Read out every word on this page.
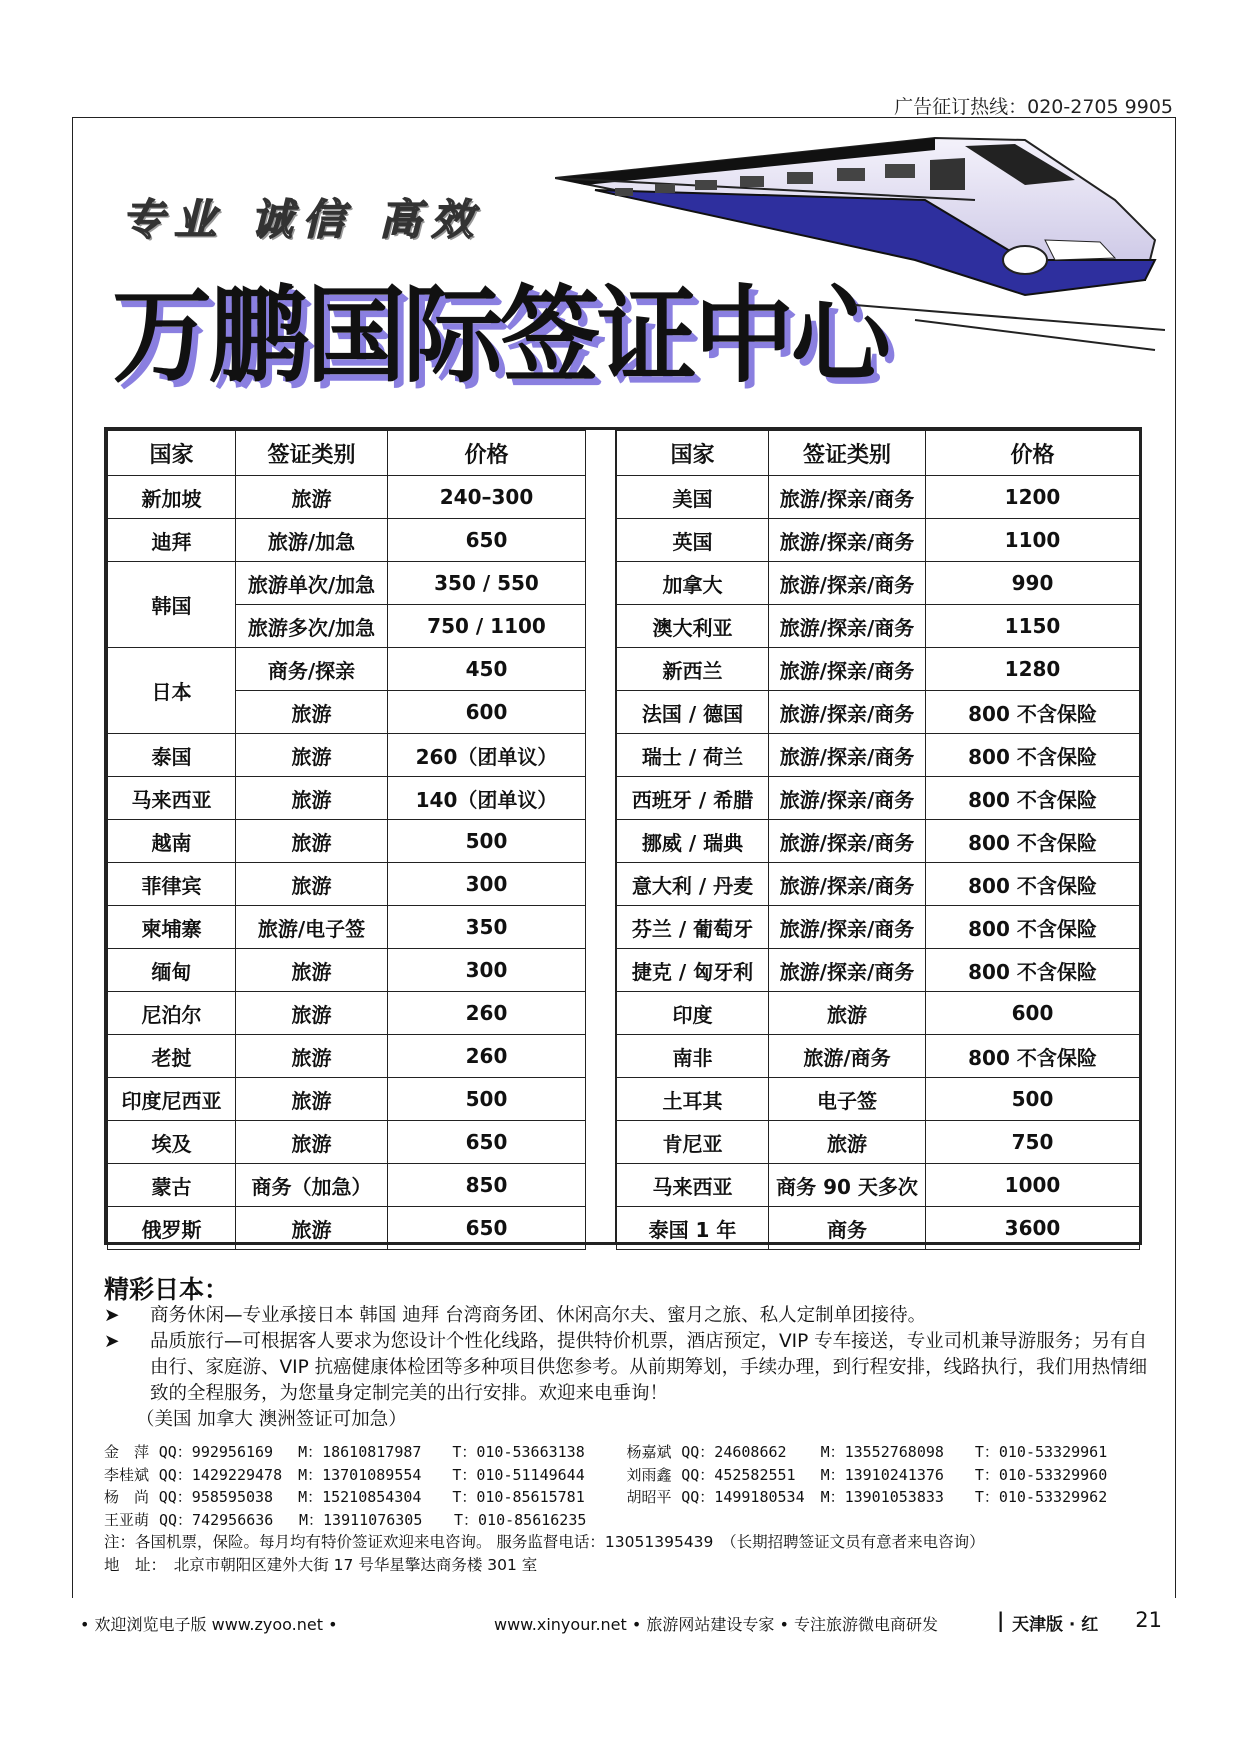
广告征订热线：020-2705 9905
专业 诚信 高效
万鹏国际签证中心
国家	签证类别	价格
新加坡	旅游	240–300
迪拜	旅游/加急	650
韩国	旅游单次/加急	350 / 550
	旅游多次/加急	750 / 1100
日本	商务/探亲	450
	旅游	600
泰国	旅游	260（团单议）
马来西亚	旅游	140（团单议）
越南	旅游	500
菲律宾	旅游	300
柬埔寨	旅游/电子签	350
缅甸	旅游	300
尼泊尔	旅游	260
老挝	旅游	260
印度尼西亚	旅游	500
埃及	旅游	650
蒙古	商务（加急）	850
俄罗斯	旅游	650
国家	签证类别	价格
美国	旅游/探亲/商务	1200
英国	旅游/探亲/商务	1100
加拿大	旅游/探亲/商务	990
澳大利亚	旅游/探亲/商务	1150
新西兰	旅游/探亲/商务	1280
法国 / 德国	旅游/探亲/商务	800 不含保险
瑞士 / 荷兰	旅游/探亲/商务	800 不含保险
西班牙 / 希腊	旅游/探亲/商务	800 不含保险
挪威 / 瑞典	旅游/探亲/商务	800 不含保险
意大利 / 丹麦	旅游/探亲/商务	800 不含保险
芬兰 / 葡萄牙	旅游/探亲/商务	800 不含保险
捷克 / 匈牙利	旅游/探亲/商务	800 不含保险
印度	旅游	600
南非	旅游/商务	800 不含保险
土耳其	电子签	500
肯尼亚	旅游	750
马来西亚	商务 90 天多次	1000
泰国 1 年	商务	3600
精彩日本：
➤	商务休闲—专业承接日本 韩国 迪拜 台湾商务团、休闲高尔夫、蜜月之旅、私人定制单团接待。
➤	品质旅行—可根据客人要求为您设计个性化线路，提供特价机票，酒店预定，VIP 专车接送，专业司机兼导游服务；另有自由行、家庭游、VIP 抗癌健康体检团等多种项目供您参考。从前期筹划，手续办理，到行程安排，线路执行，我们用热情细致的全程服务，为您量身定制完美的出行安排。欢迎来电垂询！
（美国 加拿大 澳洲签证可加急）
金　萍 QQ：992956169	M：18610817987	T：010-53663138	杨嘉斌 QQ：24608662	M：13552768098	T：010-53329961
李桂斌 QQ：1429229478	M：13701089554	T：010-51149644	刘雨鑫 QQ：452582551	M：13910241376	T：010-53329960
杨　尚 QQ：958595038	M：15210854304	T：010-85615781	胡昭平 QQ：1499180534	M：13901053833	T：010-53329962
王亚萌 QQ：742956636	M：13911076305	T：010-85616235
注：各国机票，保险。每月均有特价签证欢迎来电咨询。 服务监督电话：13051395439　（长期招聘签证文员有意者来电咨询）
地　址：　北京市朝阳区建外大街 17 号华星擎达商务楼 301 室
• 欢迎浏览电子版 www.zyoo.net •	www.xinyour.net • 旅游网站建设专家 • 专注旅游微电商研发	| 天津版 · 红 21
